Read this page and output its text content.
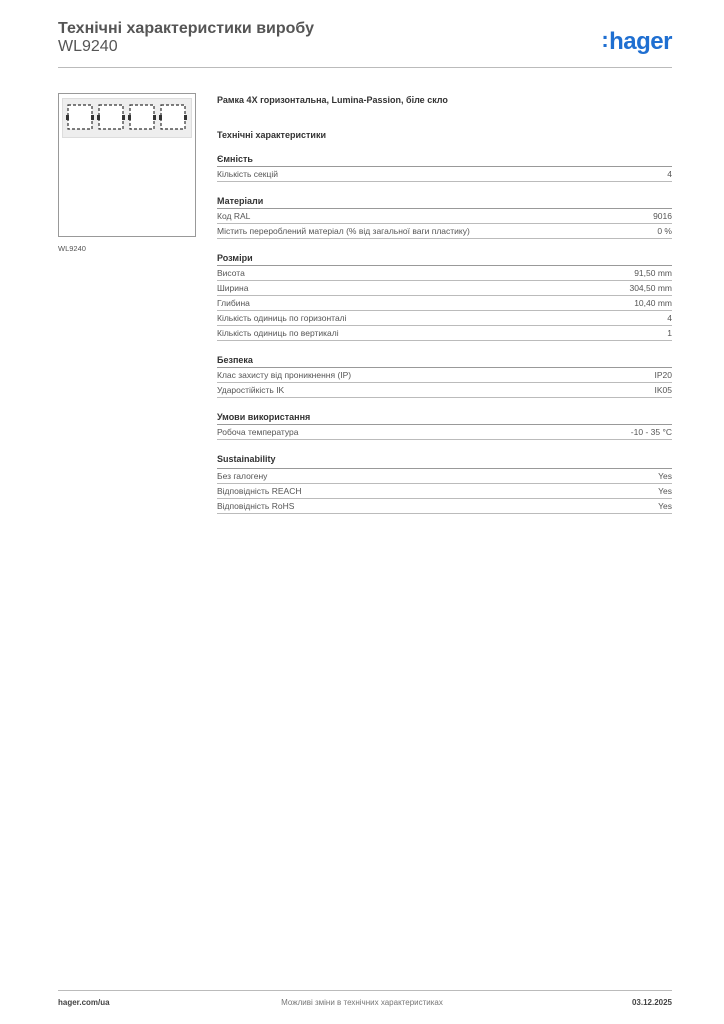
Технічні характеристики виробу
WL9240	:hager
WL9240
Рамка 4X горизонтальна, Lumina-Passion, біле скло
Технічні характеристики
Ємність
Кількість секцій	4
Матеріали
Код RAL	9016
Містить перероблений матеріал (% від загальної ваги пластику)	0 %
Розміри
Висота	91,50 mm
Ширина	304,50 mm
Глибина	10,40 mm
Кількість одиниць по горизонталі	4
Кількість одиниць по вертикалі	1
Безпека
Клас захисту від проникнення (IP)	IP20
Ударостійкість IK	IK05
Умови використання
Робоча температура	-10 - 35 °C
Sustainability
Без галогену	Yes
Відповідність REACH	Yes
Відповідність RoHS	Yes
hager.com/ua	Можливі зміни в технічних характеристиках	03.12.2025
